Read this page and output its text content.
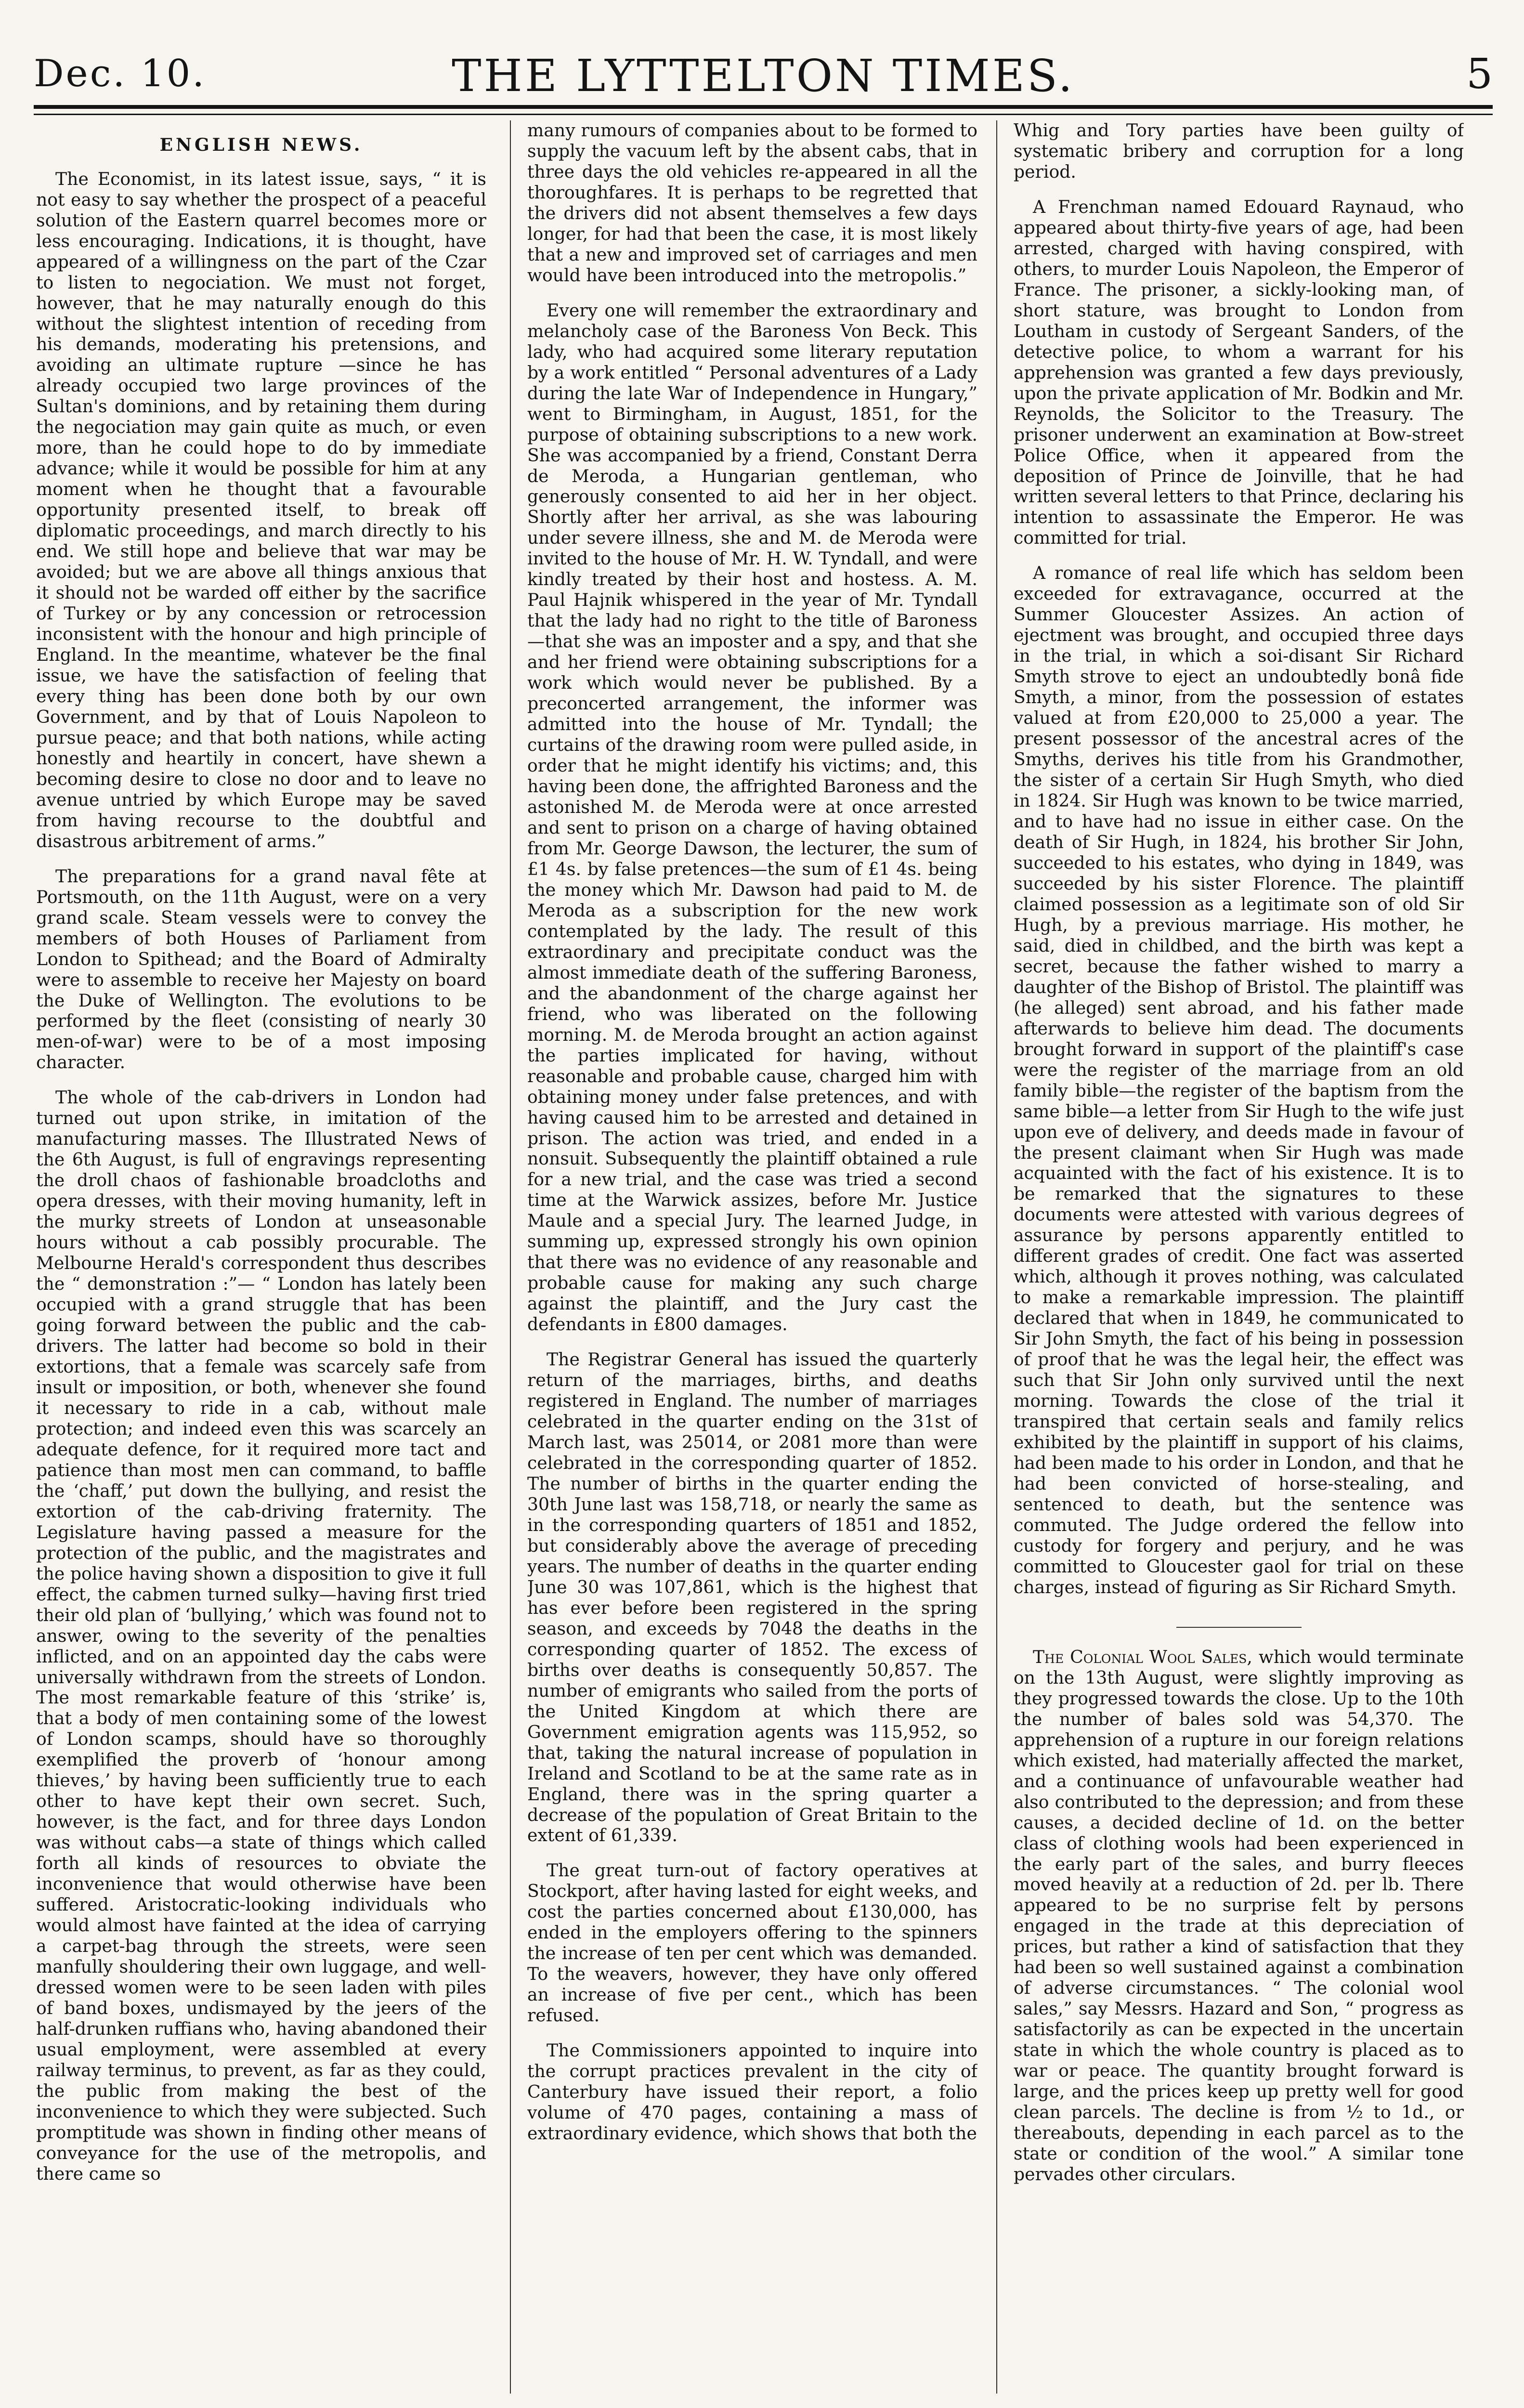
Dec. 10.	THE LYTTELTON TIMES.	5
ENGLISH NEWS.

The Economist, in its latest issue, says, “ it is not easy to say whether the prospect of a peaceful solution of the Eastern quarrel becomes more or less encouraging. Indications, it is thought, have appeared of a willingness on the part of the Czar to listen to negociation. We must not forget, however, that he may naturally enough do this without the slightest intention of receding from his demands, moderating his pretensions, and avoiding an ultimate rupture —since he has already occupied two large provinces of the Sultan's dominions, and by retaining them during the negociation may gain quite as much, or even more, than he could hope to do by immediate advance; while it would be possible for him at any moment when he thought that a favourable opportunity presented itself, to break off diplomatic proceedings, and march directly to his end. We still hope and believe that war may be avoided; but we are above all things anxious that it should not be warded off either by the sacrifice of Turkey or by any concession or retrocession inconsistent with the honour and high principle of England. In the meantime, whatever be the final issue, we have the satisfaction of feeling that every thing has been done both by our own Government, and by that of Louis Napoleon to pursue peace; and that both nations, while acting honestly and heartily in concert, have shewn a becoming desire to close no door and to leave no avenue untried by which Europe may be saved from having recourse to the doubtful and disastrous arbitrement of arms.”

The preparations for a grand naval fête at Portsmouth, on the 11th August, were on a very grand scale. Steam vessels were to convey the members of both Houses of Parliament from London to Spithead; and the Board of Admiralty were to assemble to receive her Majesty on board the Duke of Wellington. The evolutions to be performed by the fleet (consisting of nearly 30 men-of-war) were to be of a most imposing character.

The whole of the cab-drivers in London had turned out upon strike, in imitation of the manufacturing masses. The Illustrated News of the 6th August, is full of engravings representing the droll chaos of fashionable broadcloths and opera dresses, with their moving humanity, left in the murky streets of London at unseasonable hours without a cab possibly procurable. The Melbourne Herald's correspondent thus describes the “ demonstration :”— “ London has lately been occupied with a grand struggle that has been going forward between the public and the cab-drivers. The latter had become so bold in their extortions, that a female was scarcely safe from insult or imposition, or both, whenever she found it necessary to ride in a cab, without male protection; and indeed even this was scarcely an adequate defence, for it required more tact and patience than most men can command, to baffle the ‘chaff,’ put down the bullying, and resist the extortion of the cab-driving fraternity. The Legislature having passed a measure for the protection of the public, and the magistrates and the police having shown a disposition to give it full effect, the cabmen turned sulky—having first tried their old plan of ‘bullying,’ which was found not to answer, owing to the severity of the penalties inflicted, and on an appointed day the cabs were universally withdrawn from the streets of London. The most remarkable feature of this ‘strike’ is, that a body of men containing some of the lowest of London scamps, should have so thoroughly exemplified the proverb of ‘honour among thieves,’ by having been sufficiently true to each other to have kept their own secret. Such, however, is the fact, and for three days London was without cabs—a state of things which called forth all kinds of resources to obviate the inconvenience that would otherwise have been suffered. Aristocratic-looking individuals who would almost have fainted at the idea of carrying a carpet-bag through the streets, were seen manfully shouldering their own luggage, and well-dressed women were to be seen laden with piles of band boxes, undismayed by the jeers of the half-drunken ruffians who, having abandoned their usual employment, were assembled at every railway terminus, to prevent, as far as they could, the public from making the best of the inconvenience to which they were subjected. Such promptitude was shown in finding other means of conveyance for the use of the metropolis, and there came so

many rumours of companies about to be formed to supply the vacuum left by the absent cabs, that in three days the old vehicles re-appeared in all the thoroughfares. It is perhaps to be regretted that the drivers did not absent themselves a few days longer, for had that been the case, it is most likely that a new and improved set of carriages and men would have been introduced into the metropolis.”

Every one will remember the extraordinary and melancholy case of the Baroness Von Beck. This lady, who had acquired some literary reputation by a work entitled “ Personal adventures of a Lady during the late War of Independence in Hungary,” went to Birmingham, in August, 1851, for the purpose of obtaining subscriptions to a new work. She was accompanied by a friend, Constant Derra de Meroda, a Hungarian gentleman, who generously consented to aid her in her object. Shortly after her arrival, as she was labouring under severe illness, she and M. de Meroda were invited to the house of Mr. H. W. Tyndall, and were kindly treated by their host and hostess. A. M. Paul Hajnik whispered in the year of Mr. Tyndall that the lady had no right to the title of Baroness—that she was an imposter and a spy, and that she and her friend were obtaining subscriptions for a work which would never be published. By a preconcerted arrangement, the informer was admitted into the house of Mr. Tyndall; the curtains of the drawing room were pulled aside, in order that he might identify his victims; and, this having been done, the affrighted Baroness and the astonished M. de Meroda were at once arrested and sent to prison on a charge of having obtained from Mr. George Dawson, the lecturer, the sum of £1 4s. by false pretences—the sum of £1 4s. being the money which Mr. Dawson had paid to M. de Meroda as a subscription for the new work contemplated by the lady. The result of this extraordinary and precipitate conduct was the almost immediate death of the suffering Baroness, and the abandonment of the charge against her friend, who was liberated on the following morning. M. de Meroda brought an action against the parties implicated for having, without reasonable and probable cause, charged him with obtaining money under false pretences, and with having caused him to be arrested and detained in prison. The action was tried, and ended in a nonsuit. Subsequently the plaintiff obtained a rule for a new trial, and the case was tried a second time at the Warwick assizes, before Mr. Justice Maule and a special Jury. The learned Judge, in summing up, expressed strongly his own opinion that there was no evidence of any reasonable and probable cause for making any such charge against the plaintiff, and the Jury cast the defendants in £800 damages.

The Registrar General has issued the quarterly return of the marriages, births, and deaths registered in England. The number of marriages celebrated in the quarter ending on the 31st of March last, was 25014, or 2081 more than were celebrated in the corresponding quarter of 1852. The number of births in the quarter ending the 30th June last was 158,718, or nearly the same as in the corresponding quarters of 1851 and 1852, but considerably above the average of preceding years. The number of deaths in the quarter ending June 30 was 107,861, which is the highest that has ever before been registered in the spring season, and exceeds by 7048 the deaths in the corresponding quarter of 1852. The excess of births over deaths is consequently 50,857. The number of emigrants who sailed from the ports of the United Kingdom at which there are Government emigration agents was 115,952, so that, taking the natural increase of population in Ireland and Scotland to be at the same rate as in England, there was in the spring quarter a decrease of the population of Great Britain to the extent of 61,339.

The great turn-out of factory operatives at Stockport, after having lasted for eight weeks, and cost the parties concerned about £130,000, has ended in the employers offering to the spinners the increase of ten per cent which was demanded. To the weavers, however, they have only offered an increase of five per cent., which has been refused.

The Commissioners appointed to inquire into the corrupt practices prevalent in the city of Canterbury have issued their report, a folio volume of 470 pages, containing a mass of extraordinary evidence, which shows that both the

Whig and Tory parties have been guilty of systematic bribery and corruption for a long period.

A Frenchman named Edouard Raynaud, who appeared about thirty-five years of age, had been arrested, charged with having conspired, with others, to murder Louis Napoleon, the Emperor of France. The prisoner, a sickly-looking man, of short stature, was brought to London from Loutham in custody of Sergeant Sanders, of the detective police, to whom a warrant for his apprehension was granted a few days previously, upon the private application of Mr. Bodkin and Mr. Reynolds, the Solicitor to the Treasury. The prisoner underwent an examination at Bow-street Police Office, when it appeared from the deposition of Prince de Joinville, that he had written several letters to that Prince, declaring his intention to assassinate the Emperor. He was committed for trial.

A romance of real life which has seldom been exceeded for extravagance, occurred at the Summer Gloucester Assizes. An action of ejectment was brought, and occupied three days in the trial, in which a soi-disant Sir Richard Smyth strove to eject an undoubtedly bonâ fide Smyth, a minor, from the possession of estates valued at from £20,000 to 25,000 a year. The present possessor of the ancestral acres of the Smyths, derives his title from his Grandmother, the sister of a certain Sir Hugh Smyth, who died in 1824. Sir Hugh was known to be twice married, and to have had no issue in either case. On the death of Sir Hugh, in 1824, his brother Sir John, succeeded to his estates, who dying in 1849, was succeeded by his sister Florence. The plaintiff claimed possession as a legitimate son of old Sir Hugh, by a previous marriage. His mother, he said, died in childbed, and the birth was kept a secret, because the father wished to marry a daughter of the Bishop of Bristol. The plaintiff was (he alleged) sent abroad, and his father made afterwards to believe him dead. The documents brought forward in support of the plaintiff's case were the register of the marriage from an old family bible—the register of the baptism from the same bible—a letter from Sir Hugh to the wife just upon eve of delivery, and deeds made in favour of the present claimant when Sir Hugh was made acquainted with the fact of his existence. It is to be remarked that the signatures to these documents were attested with various degrees of assurance by persons apparently entitled to different grades of credit. One fact was asserted which, although it proves nothing, was calculated to make a remarkable impression. The plaintiff declared that when in 1849, he communicated to Sir John Smyth, the fact of his being in possession of proof that he was the legal heir, the effect was such that Sir John only survived until the next morning. Towards the close of the trial it transpired that certain seals and family relics exhibited by the plaintiff in support of his claims, had been made to his order in London, and that he had been convicted of horse-stealing, and sentenced to death, but the sentence was commuted. The Judge ordered the fellow into custody for forgery and perjury, and he was committed to Gloucester gaol for trial on these charges, instead of figuring as Sir Richard Smyth.

The Colonial Wool Sales, which would terminate on the 13th August, were slightly improving as they progressed towards the close. Up to the 10th the number of bales sold was 54,370. The apprehension of a rupture in our foreign relations which existed, had materially affected the market, and a continuance of unfavourable weather had also contributed to the depression; and from these causes, a decided decline of 1d. on the better class of clothing wools had been experienced in the early part of the sales, and burry fleeces moved heavily at a reduction of 2d. per lb. There appeared to be no surprise felt by persons engaged in the trade at this depreciation of prices, but rather a kind of satisfaction that they had been so well sustained against a combination of adverse circumstances. “ The colonial wool sales,” say Messrs. Hazard and Son, “ progress as satisfactorily as can be expected in the uncertain state in which the whole country is placed as to war or peace. The quantity brought forward is large, and the prices keep up pretty well for good clean parcels. The decline is from ½ to 1d., or thereabouts, depending in each parcel as to the state or condition of the wool.” A similar tone pervades other circulars.
